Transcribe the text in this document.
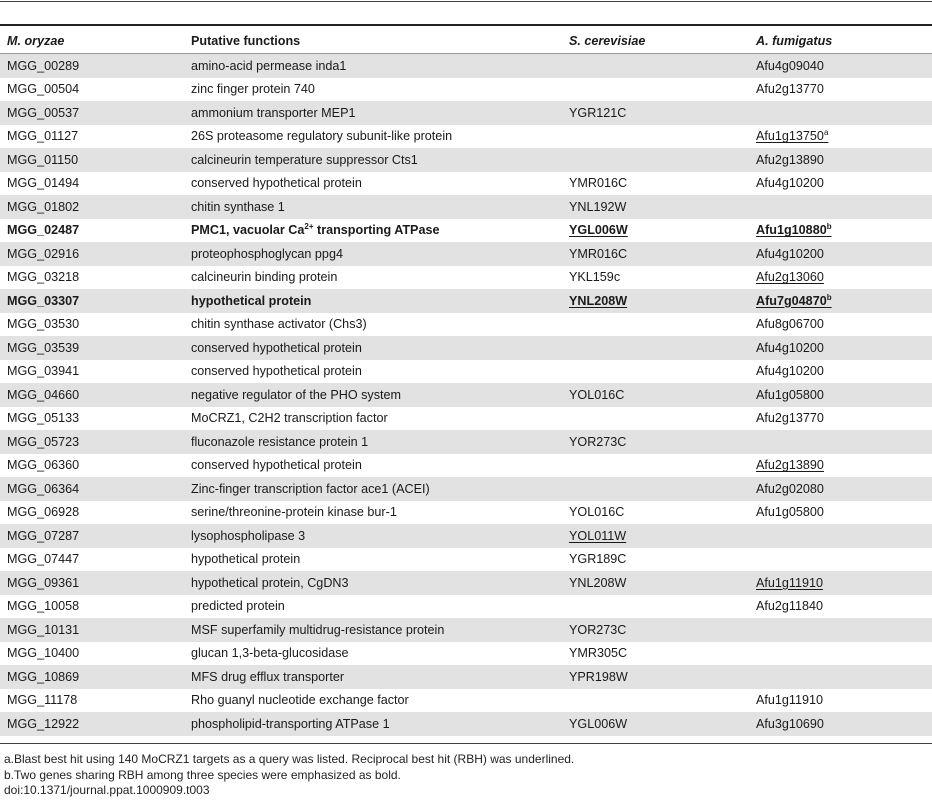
M. oryzae	Putative functions	S. cerevisiae	A. fumigatus
MGG_00289	amino-acid permease inda1		Afu4g09040
MGG_00504	zinc finger protein 740		Afu2g13770
MGG_00537	ammonium transporter MEP1	YGR121C	
MGG_01127	26S proteasome regulatory subunit-like protein		Afu1g13750$^a$
MGG_01150	calcineurin temperature suppressor Cts1		Afu2g13890
MGG_01494	conserved hypothetical protein	YMR016C	Afu4g10200
MGG_01802	chitin synthase 1	YNL192W	
MGG_02487	PMC1, vacuolar $Ca^{2+}$ transporting ATPase	YGL006W	Afu1g10880$^b$
MGG_02916	proteophosphoglycan ppg4	YMR016C	Afu4g10200
MGG_03218	calcineurin binding protein	YKL159c	Afu2g13060
MGG_03307	hypothetical protein	YNL208W	Afu7g04870$^b$
MGG_03530	chitin synthase activator (Chs3)		Afu8g06700
MGG_03539	conserved hypothetical protein		Afu4g10200
MGG_03941	conserved hypothetical protein		Afu4g10200
MGG_04660	negative regulator of the PHO system	YOL016C	Afu1g05800
MGG_05133	MoCRZ1, C2H2 transcription factor		Afu2g13770
MGG_05723	fluconazole resistance protein 1	YOR273C	
MGG_06360	conserved hypothetical protein		Afu2g13890
MGG_06364	Zinc-finger transcription factor ace1 (ACEI)		Afu2g02080
MGG_06928	serine/threonine-protein kinase bur-1	YOL016C	Afu1g05800
MGG_07287	lysophospholipase 3	YOL011W	
MGG_07447	hypothetical protein	YGR189C	
MGG_09361	hypothetical protein, CgDN3	YNL208W	Afu1g11910
MGG_10058	predicted protein		Afu2g11840
MGG_10131	MSF superfamily multidrug-resistance protein	YOR273C	
MGG_10400	glucan 1,3-beta-glucosidase	YMR305C	
MGG_10869	MFS drug efflux transporter	YPR198W	
MGG_11178	Rho guanyl nucleotide exchange factor		Afu1g11910
MGG_12922	phospholipid-transporting ATPase 1	YGL006W	Afu3g10690
a.Blast best hit using 140 MoCRZ1 targets as a query was listed. Reciprocal best hit (RBH) was underlined.
b.Two genes sharing RBH among three species were emphasized as bold.
doi:10.1371/journal.ppat.1000909.t003
